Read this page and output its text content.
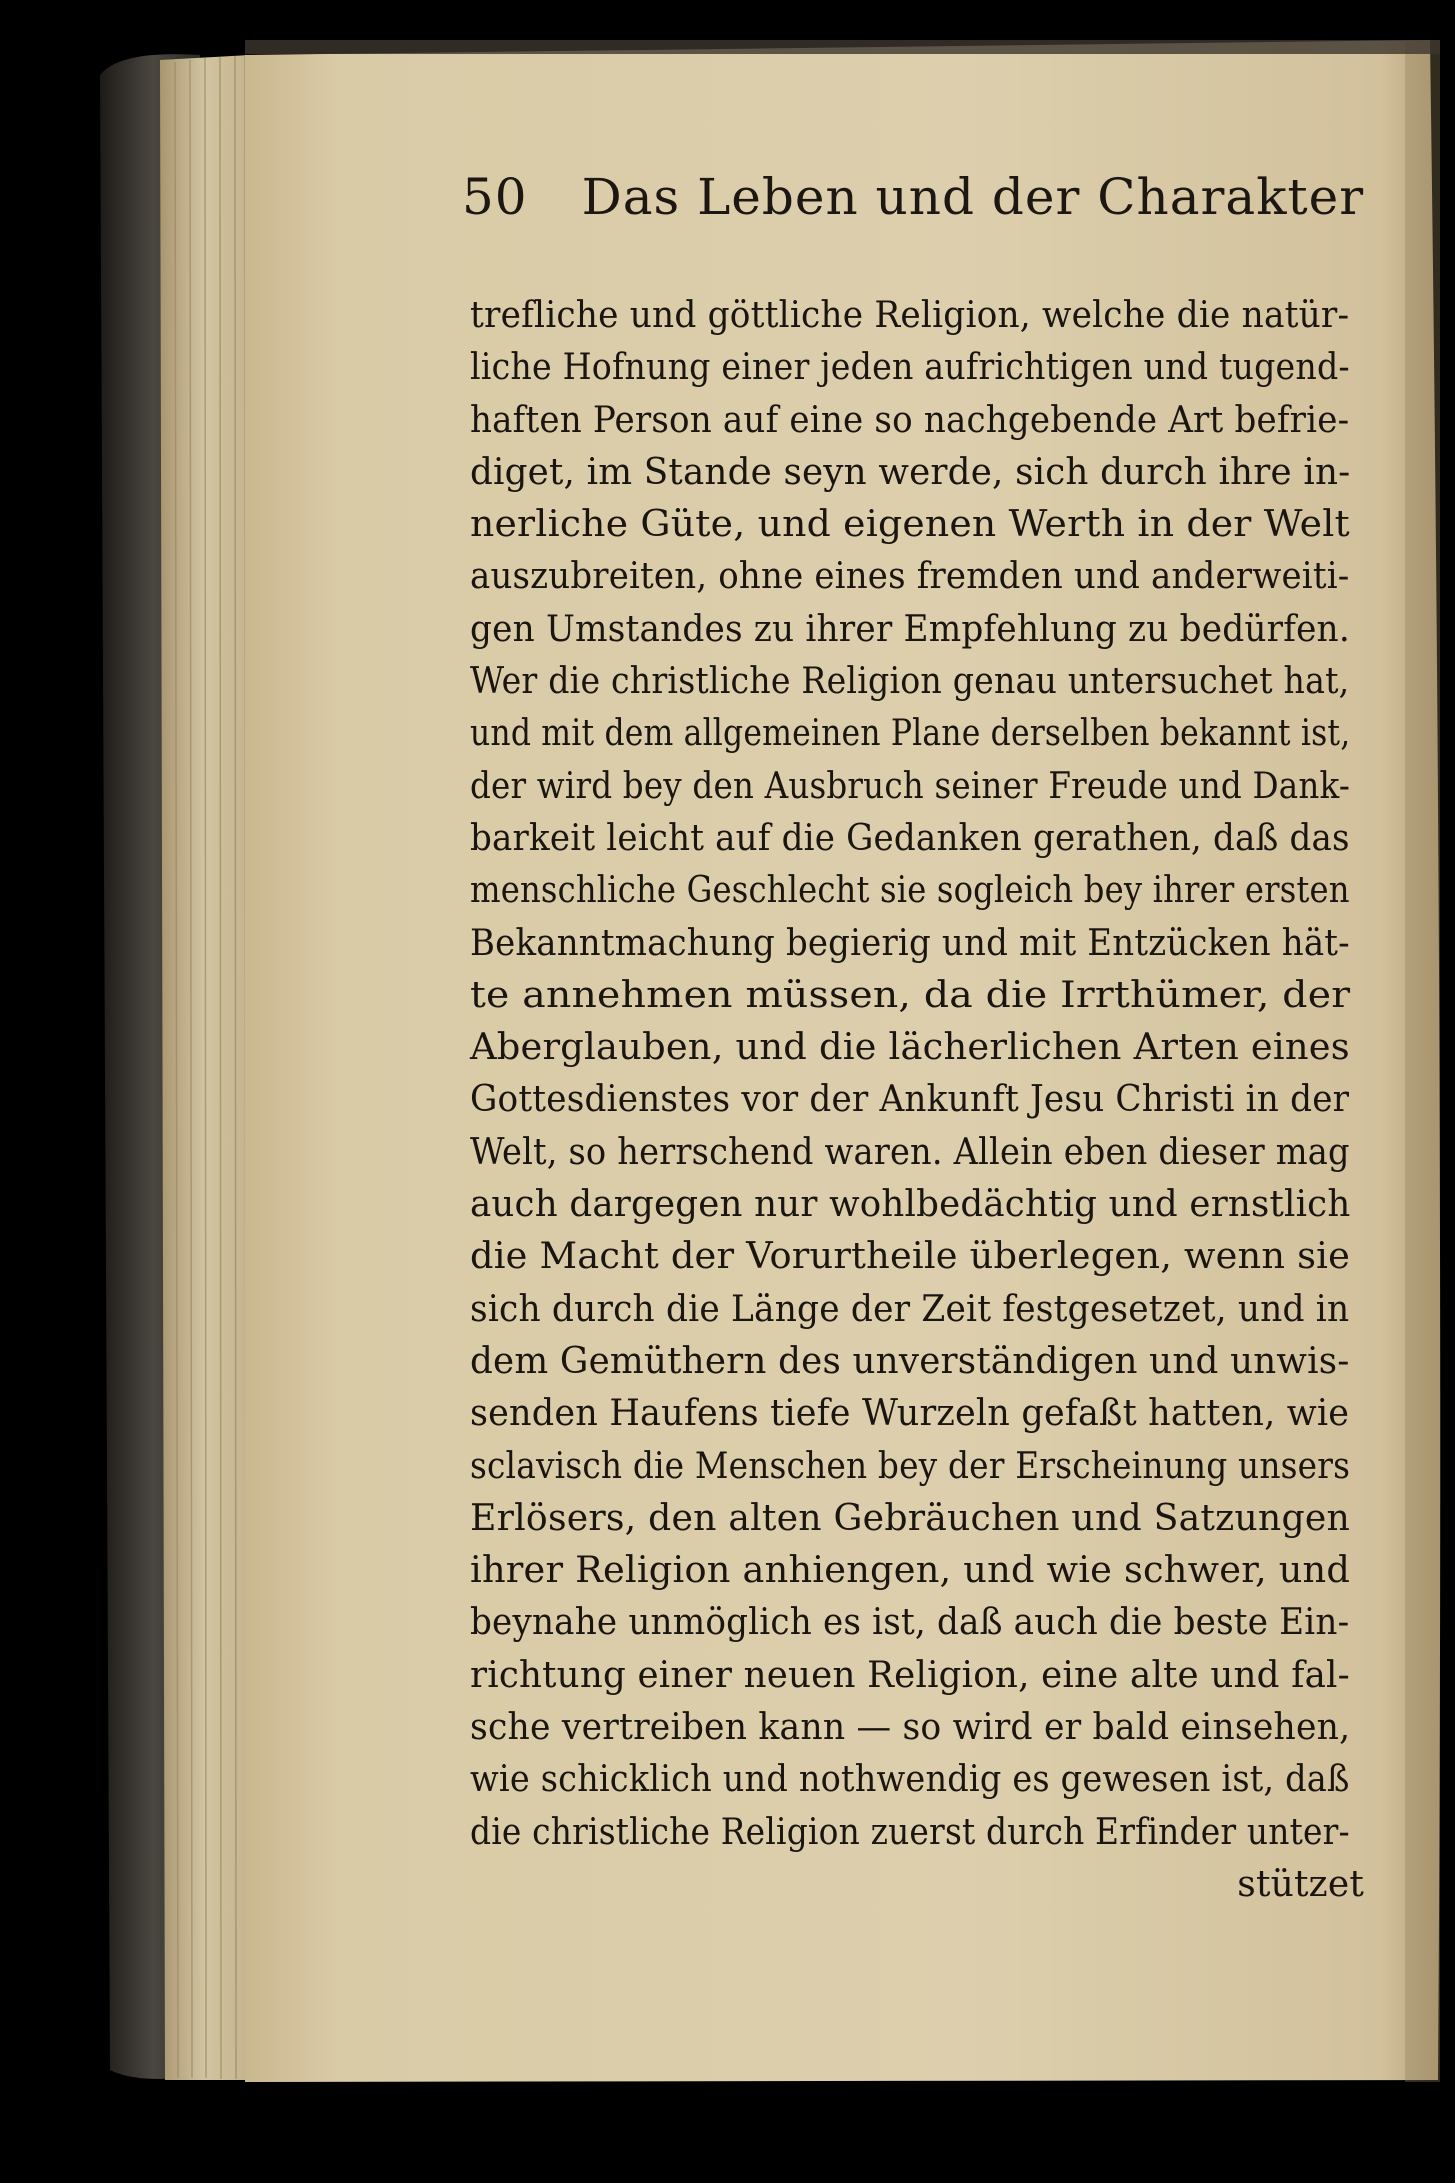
50 Das Leben und der Charakter
trefliche und göttliche Religion, welche die natür-
liche Hofnung einer jeden aufrichtigen und tugend-
haften Person auf eine so nachgebende Art befrie-
diget, im Stande seyn werde, sich durch ihre in-
nerliche Güte, und eigenen Werth in der Welt
auszubreiten, ohne eines fremden und anderweiti-
gen Umstandes zu ihrer Empfehlung zu bedürfen.
Wer die christliche Religion genau untersuchet hat,
und mit dem allgemeinen Plane derselben bekannt ist,
der wird bey den Ausbruch seiner Freude und Dank-
barkeit leicht auf die Gedanken gerathen, daß das
menschliche Geschlecht sie sogleich bey ihrer ersten
Bekanntmachung begierig und mit Entzücken hät-
te annehmen müssen, da die Irrthümer, der
Aberglauben, und die lächerlichen Arten eines
Gottesdienstes vor der Ankunft Jesu Christi in der
Welt, so herrschend waren. Allein eben dieser mag
auch dargegen nur wohlbedächtig und ernstlich
die Macht der Vorurtheile überlegen, wenn sie
sich durch die Länge der Zeit festgesetzet, und in
dem Gemüthern des unverständigen und unwis-
senden Haufens tiefe Wurzeln gefaßt hatten, wie
sclavisch die Menschen bey der Erscheinung unsers
Erlösers, den alten Gebräuchen und Satzungen
ihrer Religion anhiengen, und wie schwer, und
beynahe unmöglich es ist, daß auch die beste Ein-
richtung einer neuen Religion, eine alte und fal-
sche vertreiben kann — so wird er bald einsehen,
wie schicklich und nothwendig es gewesen ist, daß
die christliche Religion zuerst durch Erfinder unter-
stützet
